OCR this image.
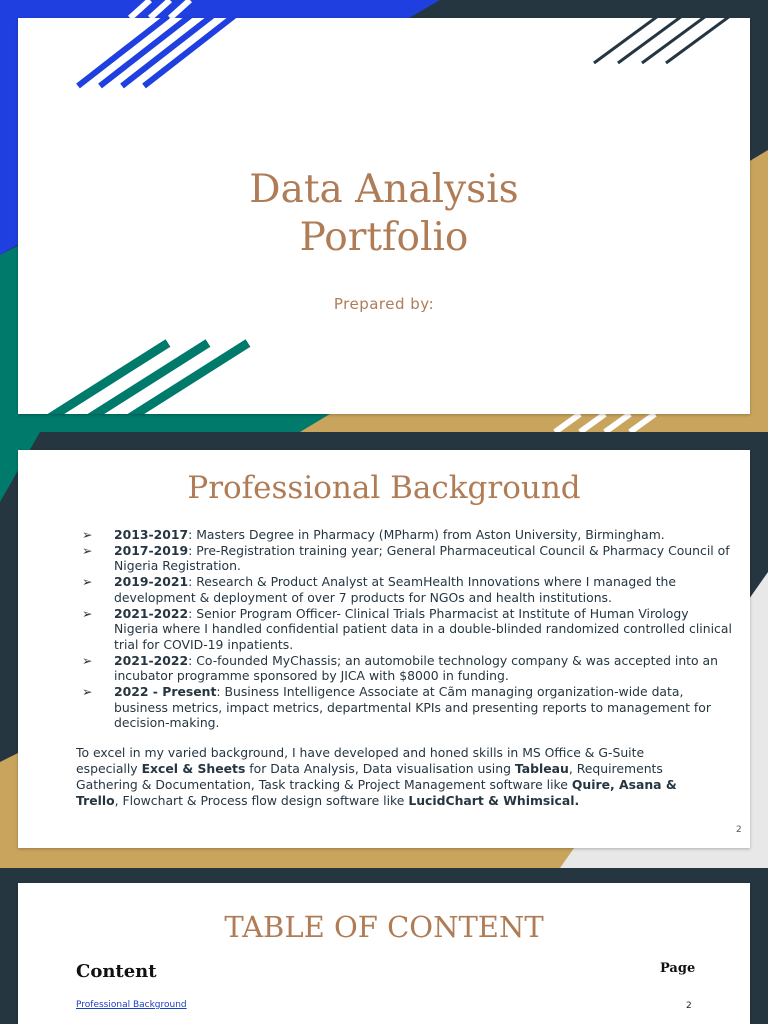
Data Analysis
Portfolio
Prepared by:
Professional Background
➢ 2013-2017: Masters Degree in Pharmacy (MPharm) from Aston University, Birmingham.
➢ 2017-2019: Pre-Registration training year; General Pharmaceutical Council & Pharmacy Council of Nigeria Registration.
➢ 2019-2021: Research & Product Analyst at SeamHealth Innovations where I managed the development & deployment of over 7 products for NGOs and health institutions.
➢ 2021-2022: Senior Program Officer- Clinical Trials Pharmacist at Institute of Human Virology Nigeria where I handled confidential patient data in a double-blinded randomized controlled clinical trial for COVID-19 inpatients.
➢ 2021-2022: Co-founded MyChassis; an automobile technology company & was accepted into an incubator programme sponsored by JICA with $8000 in funding.
➢ 2022 - Present: Business Intelligence Associate at Cãm managing organization-wide data, business metrics, impact metrics, departmental KPIs and presenting reports to management for decision-making.

To excel in my varied background, I have developed and honed skills in MS Office & G-Suite especially Excel & Sheets for Data Analysis, Data visualisation using Tableau, Requirements Gathering & Documentation, Task tracking & Project Management software like Quire, Asana & Trello, Flowchart & Process flow design software like LucidChart & Whimsical.

2
TABLE OF CONTENT
Content	Page
Professional Background	2
